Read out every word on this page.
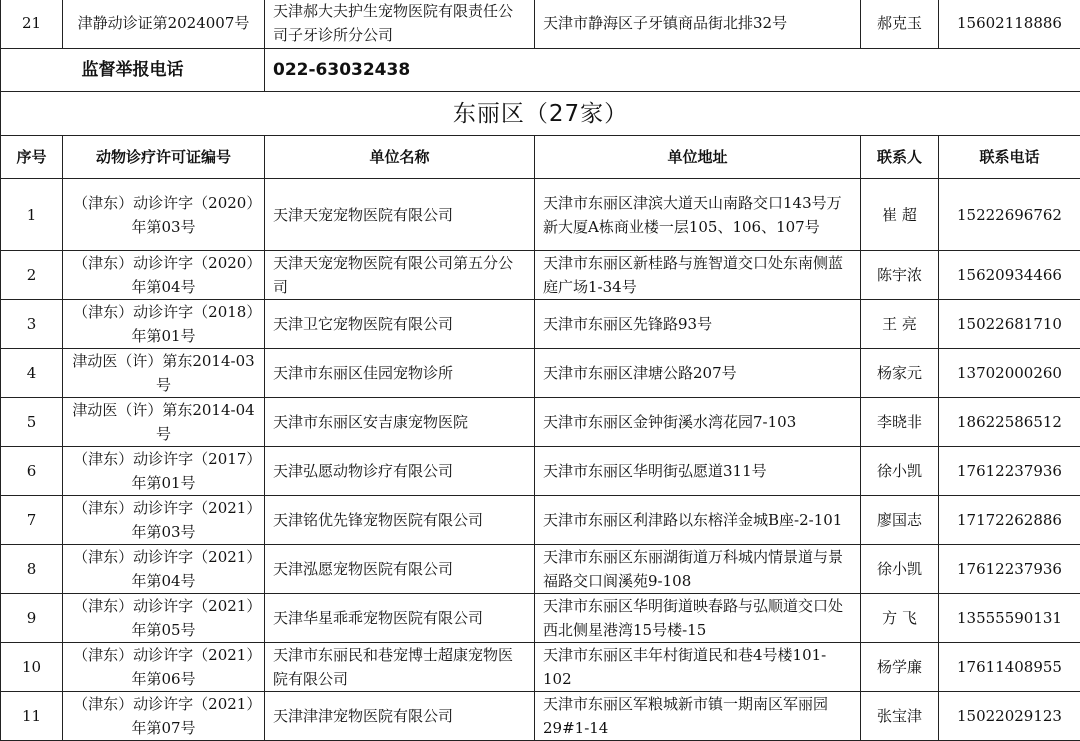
21	津静动诊证第2024007号	天津郝大夫护生宠物医院有限责任公司子牙诊所分公司	天津市静海区子牙镇商品街北排32号	郝克玉	15602118886
监督举报电话		022-63032438			
东丽区（27家）					
序号	动物诊疗许可证编号	单位名称	单位地址	联系人	联系电话
1	（津东）动诊许字（2020）年第03号	天津天宠宠物医院有限公司	天津市东丽区津滨大道天山南路交口143号万新大厦A栋商业楼一层105、106、107号	崔 超	15222696762
2	（津东）动诊许字（2020）年第04号	天津天宠宠物医院有限公司第五分公司	天津市东丽区新桂路与旌智道交口处东南侧蓝庭广场1-34号	陈宇浓	15620934466
3	（津东）动诊许字（2018）年第01号	天津卫它宠物医院有限公司	天津市东丽区先锋路93号	王 亮	15022681710
4	津动医（许）第东2014-03号	天津市东丽区佳园宠物诊所	天津市东丽区津塘公路207号	杨家元	13702000260
5	津动医（许）第东2014-04号	天津市东丽区安吉康宠物医院	天津市东丽区金钟街溪水湾花园7-103	李晓非	18622586512
6	（津东）动诊许字（2017）年第01号	天津弘愿动物诊疗有限公司	天津市东丽区华明街弘愿道311号	徐小凯	17612237936
7	（津东）动诊许字（2021）年第03号	天津铭优先锋宠物医院有限公司	天津市东丽区利津路以东榕洋金城B座-2-101	廖国志	17172262886
8	（津东）动诊许字（2021）年第04号	天津泓愿宠物医院有限公司	天津市东丽区东丽湖街道万科城内情景道与景福路交口阆溪苑9-108	徐小凯	17612237936
9	（津东）动诊许字（2021）年第05号	天津华星乖乖宠物医院有限公司	天津市东丽区华明街道映春路与弘顺道交口处西北侧星港湾15号楼-15	方 飞	13555590131
10	（津东）动诊许字（2021）年第06号	天津市东丽民和巷宠博士超康宠物医院有限公司	天津市东丽区丰年村街道民和巷4号楼101-102	杨学廉	17611408955
11	（津东）动诊许字（2021）年第07号	天津津津宠物医院有限公司	天津市东丽区军粮城新市镇一期南区军丽园29#1-14	张宝津	15022029123
